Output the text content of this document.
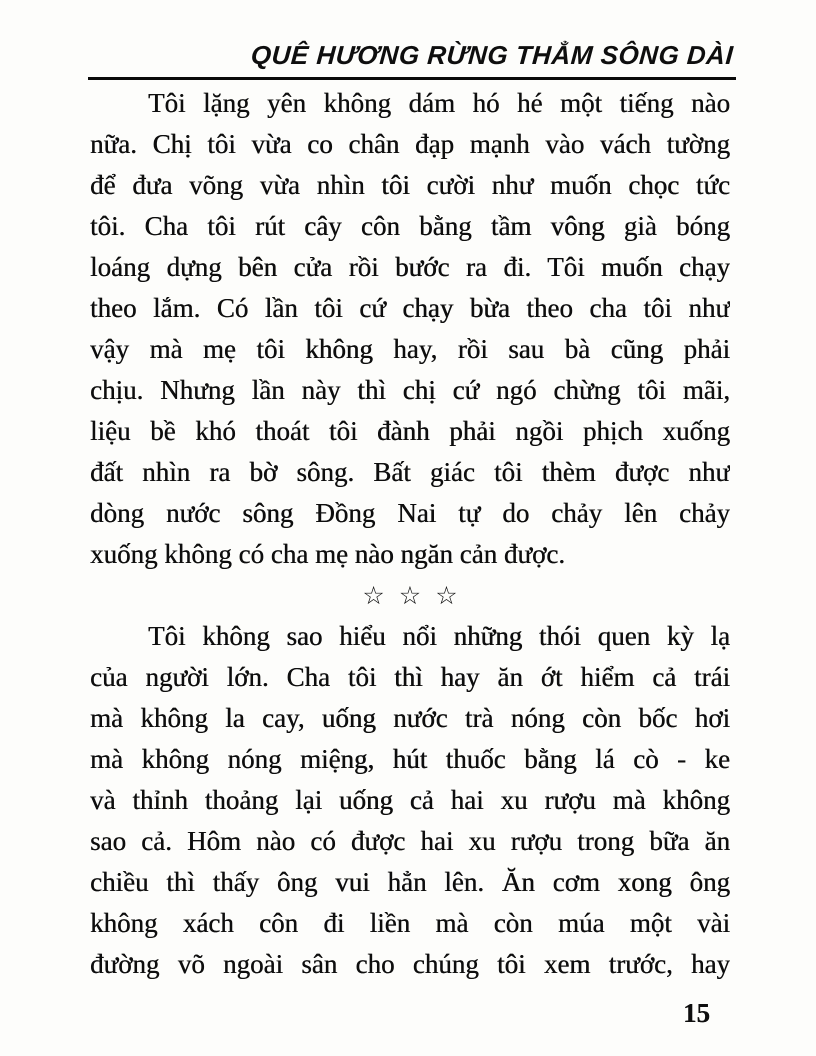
QUÊ HƯƠNG RỪNG THẲM SÔNG DÀI
Tôi lặng yên không dám hó hé một tiếng nào
nữa. Chị tôi vừa co chân đạp mạnh vào vách tường
để đưa võng vừa nhìn tôi cười như muốn chọc tức
tôi. Cha tôi rút cây côn bằng tầm vông già bóng
loáng dựng bên cửa rồi bước ra đi. Tôi muốn chạy
theo lắm. Có lần tôi cứ chạy bừa theo cha tôi như
vậy mà mẹ tôi không hay, rồi sau bà cũng phải
chịu. Nhưng lần này thì chị cứ ngó chừng tôi mãi,
liệu bề khó thoát tôi đành phải ngồi phịch xuống
đất nhìn ra bờ sông. Bất giác tôi thèm được như
dòng nước sông Đồng Nai tự do chảy lên chảy
xuống không có cha mẹ nào ngăn cản được.
☆☆☆
Tôi không sao hiểu nổi những thói quen kỳ lạ
của người lớn. Cha tôi thì hay ăn ớt hiểm cả trái
mà không la cay, uống nước trà nóng còn bốc hơi
mà không nóng miệng, hút thuốc bằng lá cò - ke
và thỉnh thoảng lại uống cả hai xu rượu mà không
sao cả. Hôm nào có được hai xu rượu trong bữa ăn
chiều thì thấy ông vui hẳn lên. Ăn cơm xong ông
không xách côn đi liền mà còn múa một vài
đường võ ngoài sân cho chúng tôi xem trước, hay
15
